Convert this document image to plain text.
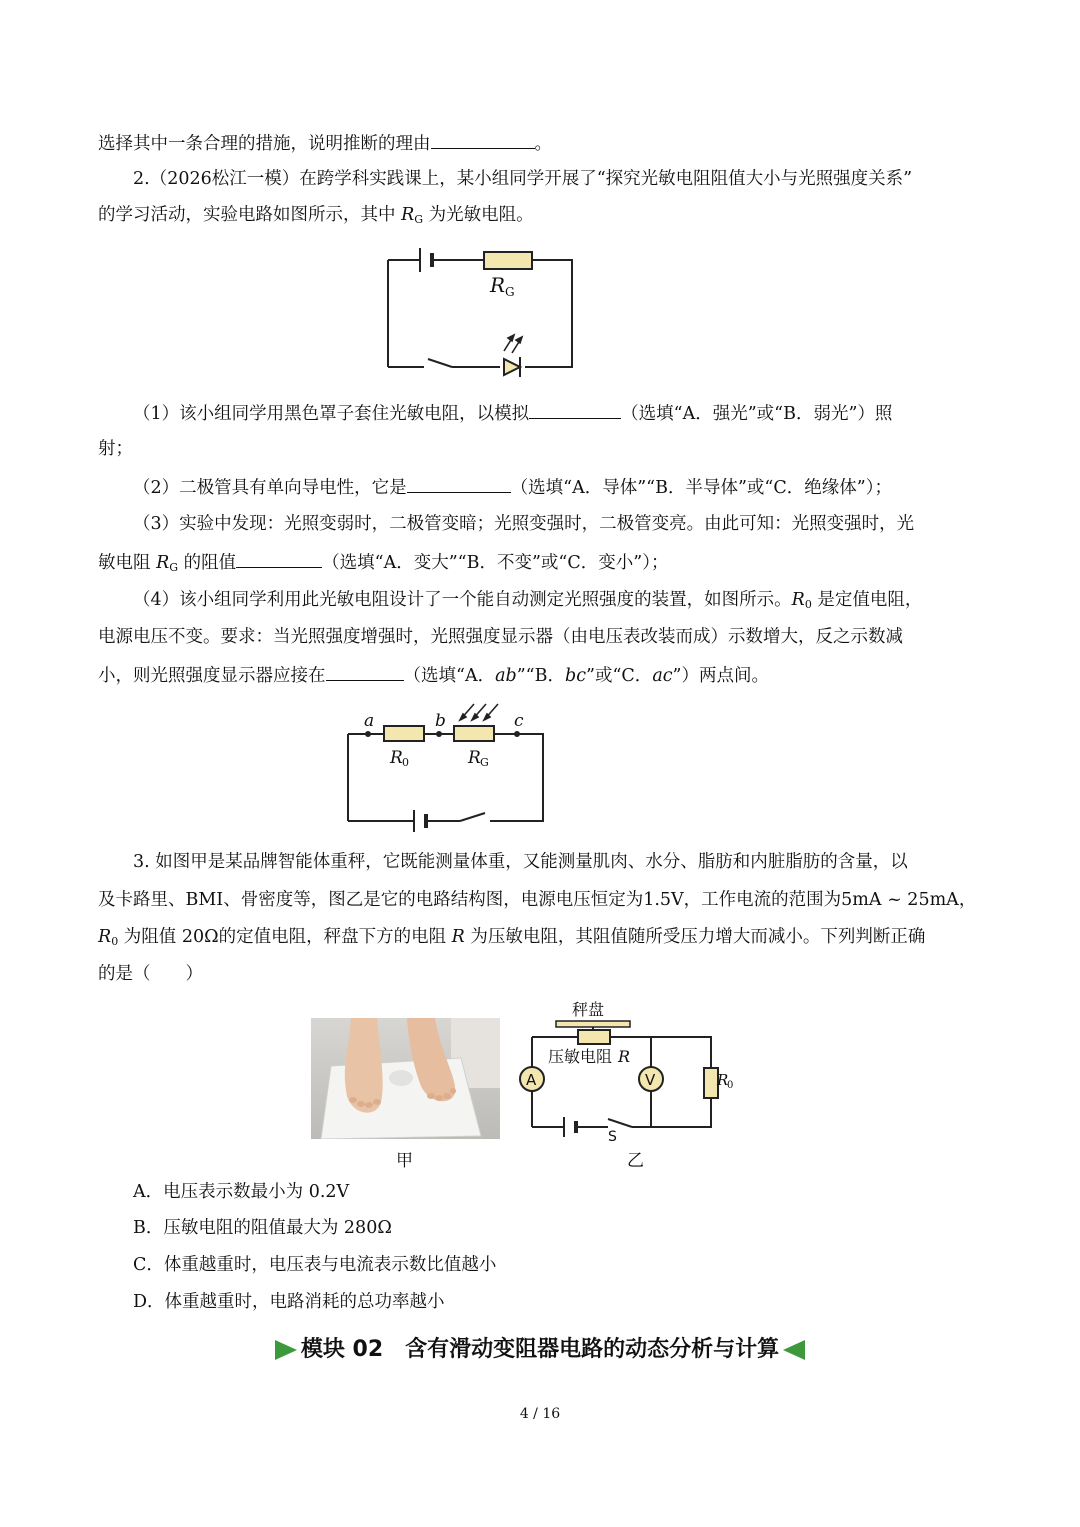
选择其中一条合理的措施，说明推断的理由	。
2.（2026松江一模）在跨学科实践课上，某小组同学开展了“探究光敏电阻阻值大小与光照强度关系”
的学习活动，实验电路如图所示，其中 $R_G$ 为光敏电阻。
R G
（1）该小组同学用黑色罩子套住光敏电阻，以模拟	（选填“A．强光”或“B．弱光”）照
射；
（2）二极管具有单向导电性，它是	（选填“A．导体”“B．半导体”或“C．绝缘体”）；
（3）实验中发现：光照变弱时，二极管变暗；光照变强时，二极管变亮。由此可知：光照变强时，光
敏电阻 $R_G$ 的阻值	（选填“A．变大”“B．不变”或“C．变小”）；
（4）该小组同学利用此光敏电阻设计了一个能自动测定光照强度的装置，如图所示。$R_0$ 是定值电阻，
电源电压不变。要求：当光照强度增强时，光照强度显示器（由电压表改装而成）示数增大，反之示数减
小，则光照强度显示器应接在	（选填“A．ab”“B．bc”或“C．ac”）两点间。
a	b	c
R 0	R G
3. 如图甲是某品牌智能体重秤，它既能测量体重，又能测量肌肉、水分、脂肪和内脏脂肪的含量，以
及卡路里、BMI、骨密度等，图乙是它的电路结构图，电源电压恒定为1.5V，工作电流的范围为5mA ~ 25mA，
$R_0$ 为阻值 20Ω的定值电阻，秤盘下方的电阻 R 为压敏电阻，其阻值随所受压力增大而减小。下列判断正确
的是（　　）
甲
秤盘
压敏电阻 R
A	V	R
0
S
乙
A．电压表示数最小为 0.2V
B．压敏电阻的阻值最大为 280Ω
C．体重越重时，电压表与电流表示数比值越小
D．体重越重时，电路消耗的总功率越小
模块 02　含有滑动变阻器电路的动态分析与计算
4 / 16
